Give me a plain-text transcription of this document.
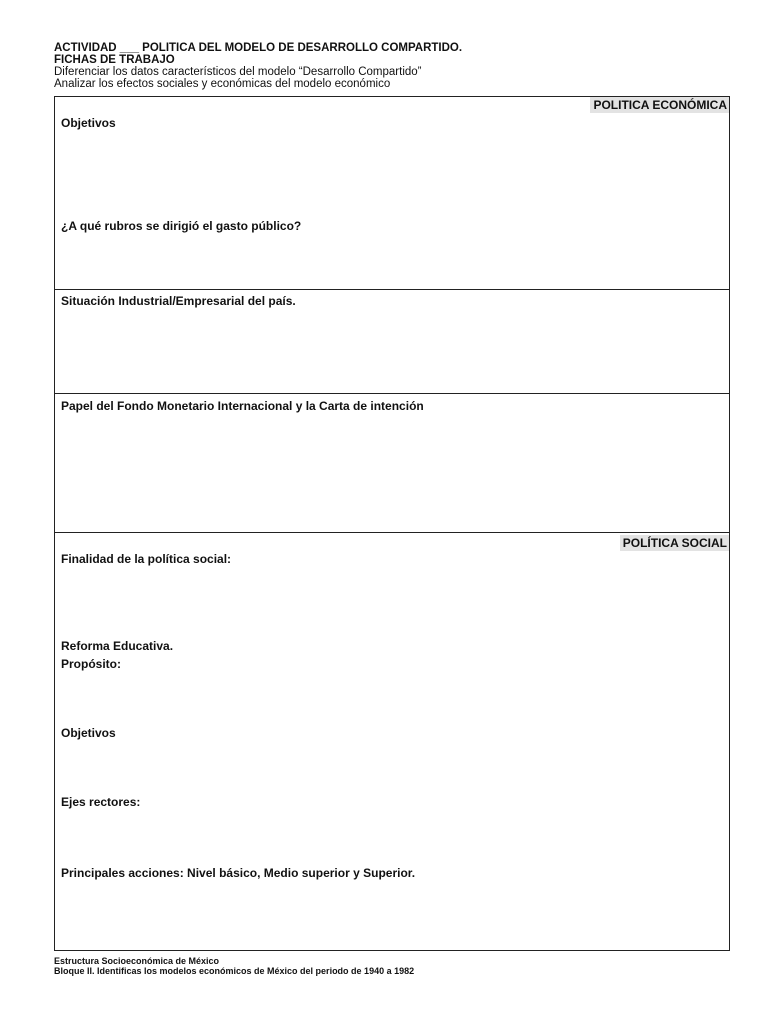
ACTIVIDAD ___ POLITICA DEL MODELO DE DESARROLLO COMPARTIDO.
FICHAS DE TRABAJO
Diferenciar los datos característicos del modelo “Desarrollo Compartido”
Analizar los efectos sociales y económicas del modelo económico
POLITICA ECONÓMICA
Objetivos
¿A qué rubros se dirigió el gasto público?
Situación Industrial/Empresarial del país.
Papel del Fondo Monetario Internacional y la Carta de intención
POLÍTICA SOCIAL
Finalidad de la política social:
Reforma Educativa.
Propósito:
Objetivos
Ejes rectores:
Principales acciones: Nivel básico, Medio superior y Superior.
Estructura Socioeconómica de México
Bloque II. Identificas los modelos económicos de México del periodo de 1940 a 1982
